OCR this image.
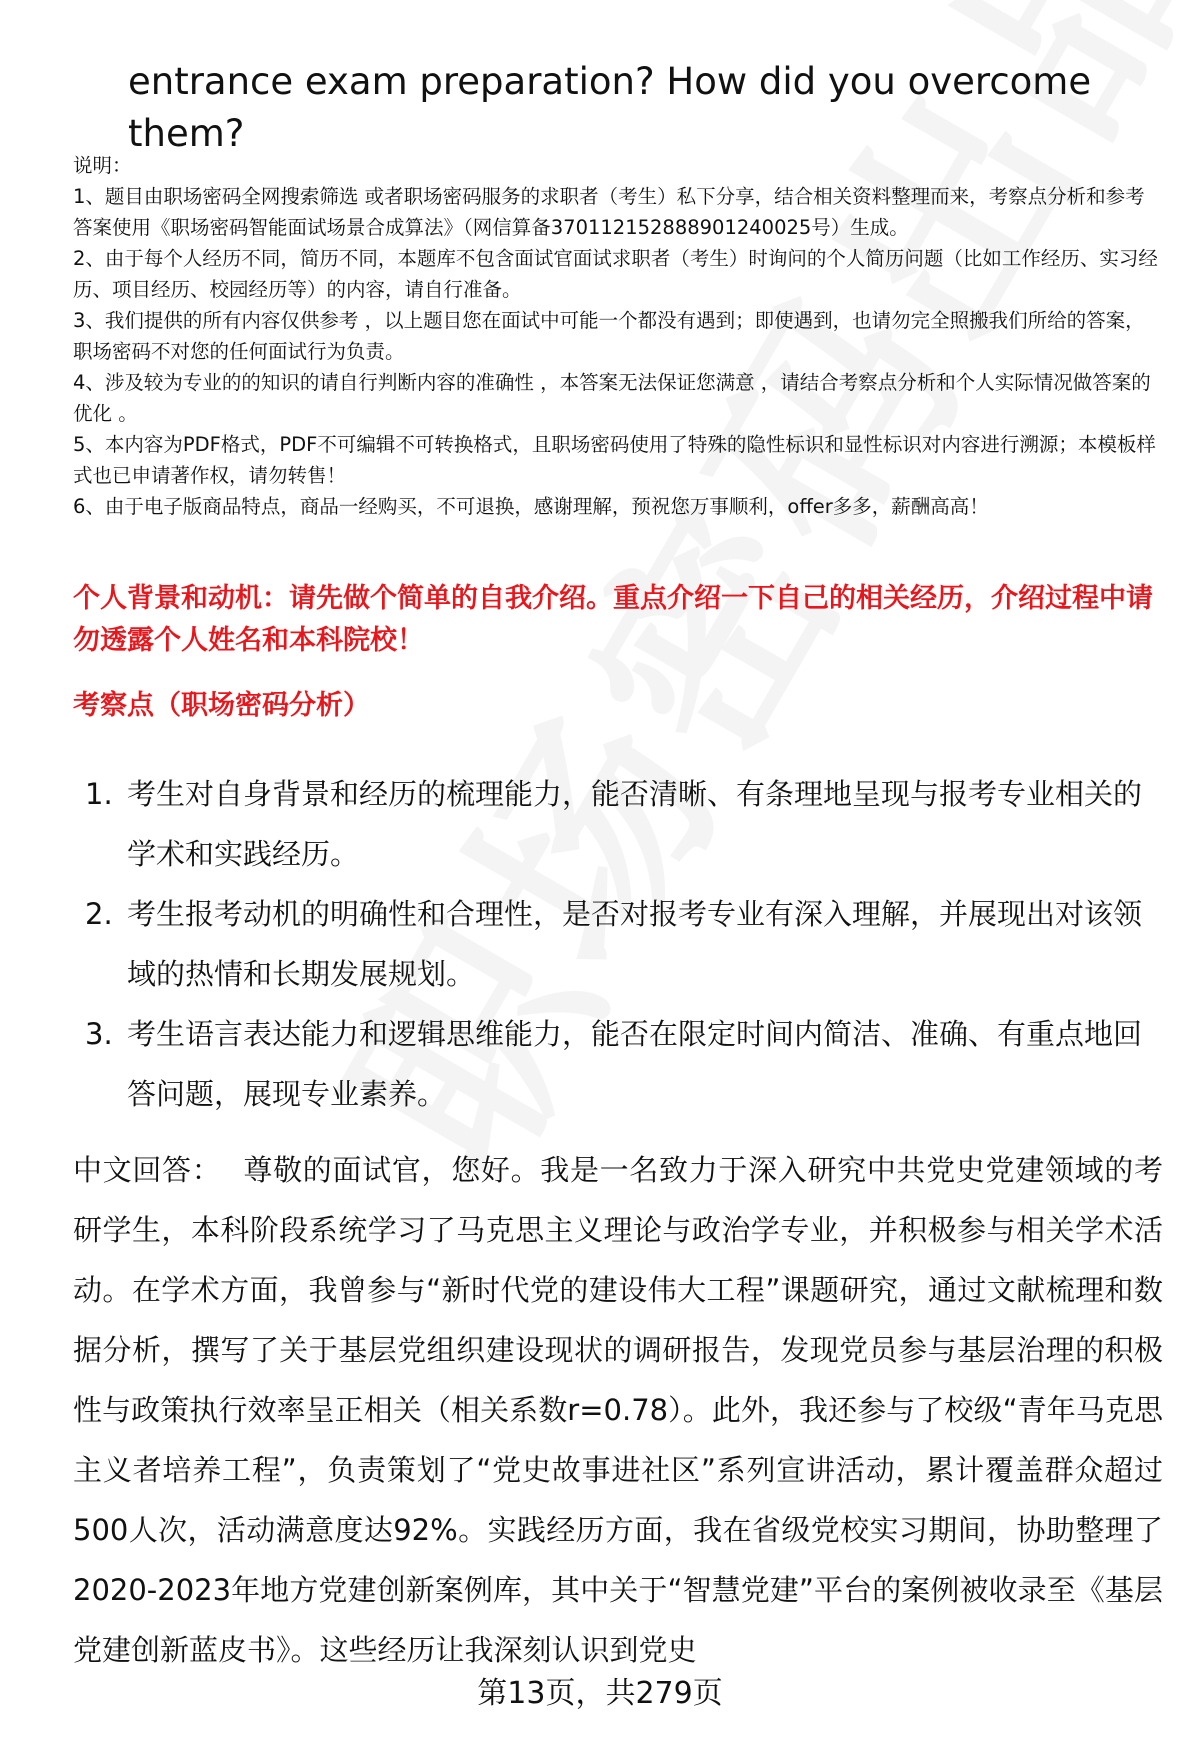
entrance exam preparation? How did you overcome them?

说明：

1、题目由职场密码全网搜索筛选 或者职场密码服务的求职者（考生）私下分享，结合相关资料整理而来，考察点分析和参考答案使用《职场密码智能面试场景合成算法》（网信算备370112152888901240025号）生成。

2、由于每个人经历不同，简历不同，本题库不包含面试官面试求职者（考生）时询问的个人简历问题（比如工作经历、实习经历、项目经历、校园经历等）的内容，请自行准备。

3、我们提供的所有内容仅供参考 ，以上题目您在面试中可能一个都没有遇到；即使遇到，也请勿完全照搬我们所给的答案，职场密码不对您的任何面试行为负责。

4、涉及较为专业的的知识的请自行判断内容的准确性 ，本答案无法保证您满意 ，请结合考察点分析和个人实际情况做答案的优化 。

5、本内容为PDF格式，PDF不可编辑不可转换格式，且职场密码使用了特殊的隐性标识和显性标识对内容进行溯源；本模板样式也已申请著作权，请勿转售！

6、由于电子版商品特点，商品一经购买，不可退换，感谢理解，预祝您万事顺利，offer多多，薪酬高高！

个人背景和动机：请先做个简单的自我介绍。重点介绍一下自己的相关经历，介绍过程中请勿透露个人姓名和本科院校！
考察点（职场密码分析）
1. 考生对自身背景和经历的梳理能力，能否清晰、有条理地呈现与报考专业相关的学术和实践经历。
2. 考生报考动机的明确性和合理性，是否对报考专业有深入理解，并展现出对该领域的热情和长期发展规划。
3. 考生语言表达能力和逻辑思维能力，能否在限定时间内简洁、准确、有重点地回答问题，展现专业素养。
中文回答： 尊敬的面试官，您好。我是一名致力于深入研究中共党史党建领域的考研学生，本科阶段系统学习了马克思主义理论与政治学专业，并积极参与相关学术活动。在学术方面，我曾参与“新时代党的建设伟大工程”课题研究，通过文献梳理和数据分析，撰写了关于基层党组织建设现状的调研报告，发现党员参与基层治理的积极性与政策执行效率呈正相关（相关系数r=0.78）。此外，我还参与了校级“青年马克思主义者培养工程”，负责策划了“党史故事进社区”系列宣讲活动，累计覆盖群众超过500人次，活动满意度达92%。实践经历方面，我在省级党校实习期间，协助整理了2020-2023年地方党建创新案例库，其中关于“智慧党建”平台的案例被收录至《基层党建创新蓝皮书》。这些经历让我深刻认识到党史
第13页，共279页
